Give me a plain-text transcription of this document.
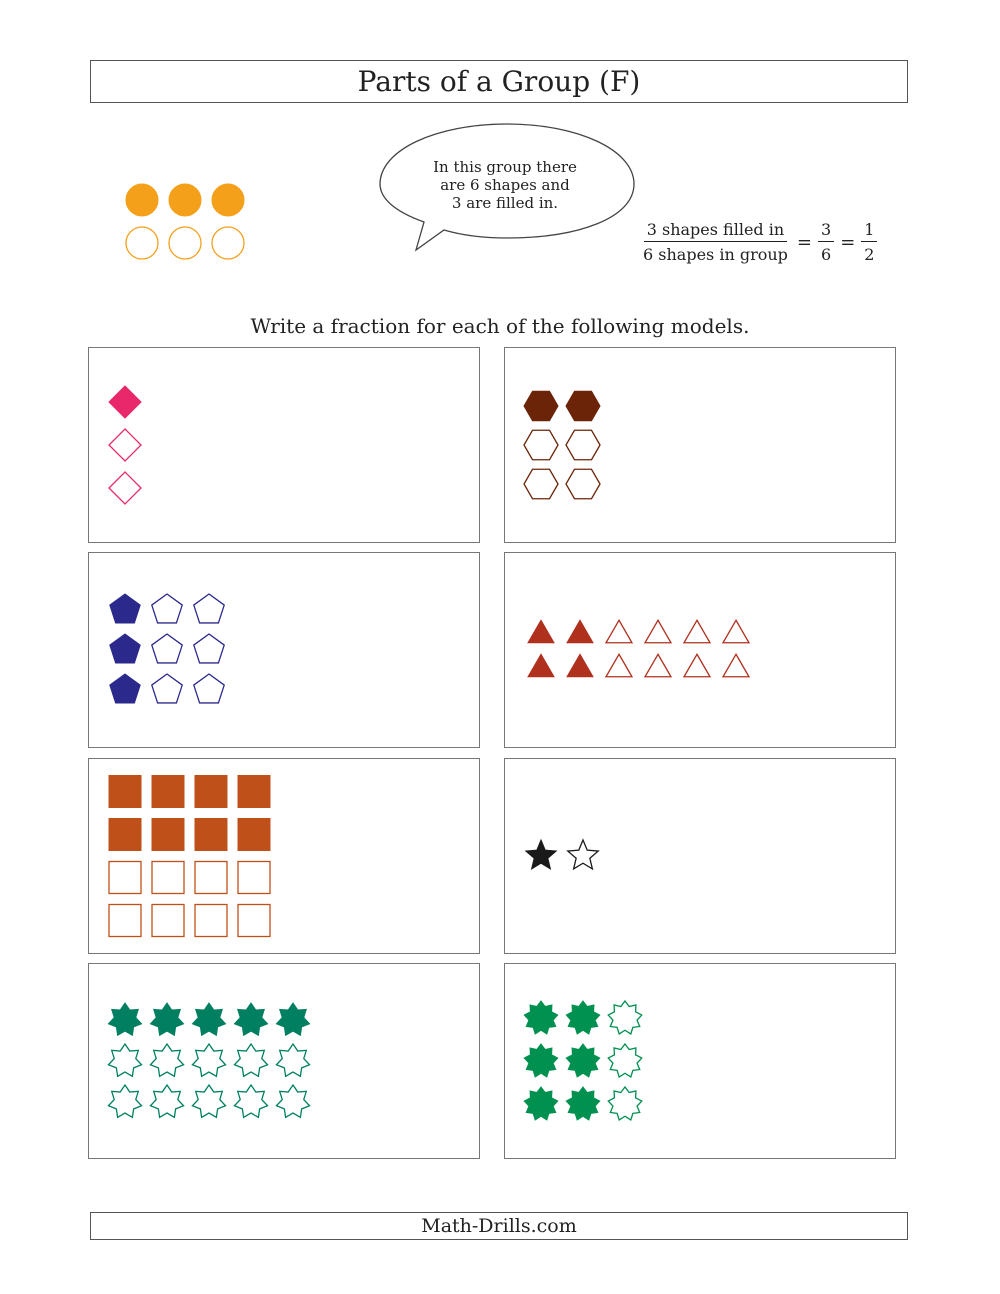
Parts of a Group (F)
In this group there
are 6 shapes and
3 are filled in.
$\frac{\text{3 shapes filled in}}{\text{6 shapes in group}} = \frac{3}{6} = \frac{1}{2}$
Write a fraction for each of the following models.
Math-Drills.com
